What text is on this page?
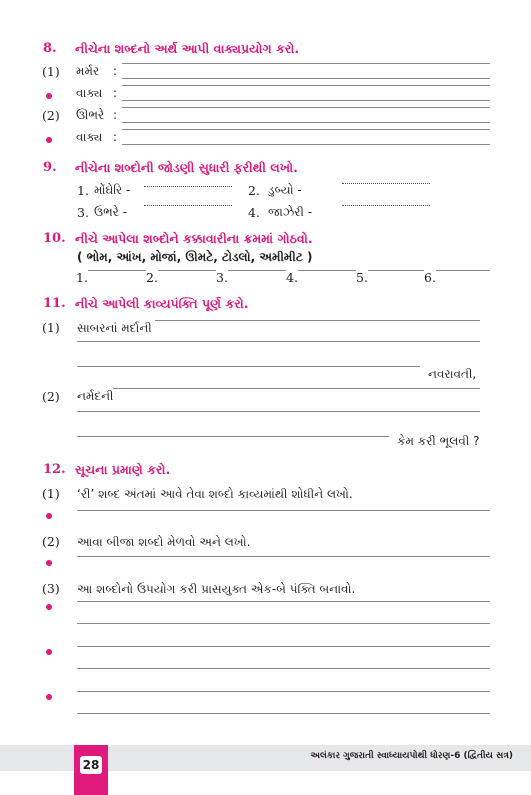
8. નીચેના શબ્દનો અર્થ આપી વાક્યપ્રયોગ કરો.
(1) મર્મર :
વાક્ય :
(2) ઊભરે :
વાક્ય :
9. નીચેના શબ્દોની જોડણી સુધારી ફરીથી લખો.
1. મોંઘેરિ -	2. ડુબ્યો -
3. ઉભરે -	4. જાઝેરી -
10. નીચે આપેલા શબ્દોને કક્કાવારીના ક્રમમાં ગોઠવો.
( ભોમ, આંખ, મોજાં, ઊમટે, ટોડલો, અમીમીટ )
1.	2.	3.	4.	5.	6.
11. નીચે આપેલી કાવ્યપંક્તિ પૂર્ણ કરો.
(1) સાબરનાં મર્દાની
નવરાવતી,
(2) નર્મદની
કેમ કરી ભૂલવી ?
12. સૂચના પ્રમાણે કરો.
(1) ‘રી’ શબ્દ અંતમાં આવે તેવા શબ્દો કાવ્યમાંથી શોધીને લખો.
(2) આવા બીજા શબ્દો મેળવો અને લખો.
(3) આ શબ્દોનો ઉપયોગ કરી પ્રાસયુક્ત એક-બે પંક્તિ બનાવો.
28
અલંકાર ગુજરાતી સ્વાધ્યાયપોથી ધોરણ-6 (દ્વિતીય સત્ર)
